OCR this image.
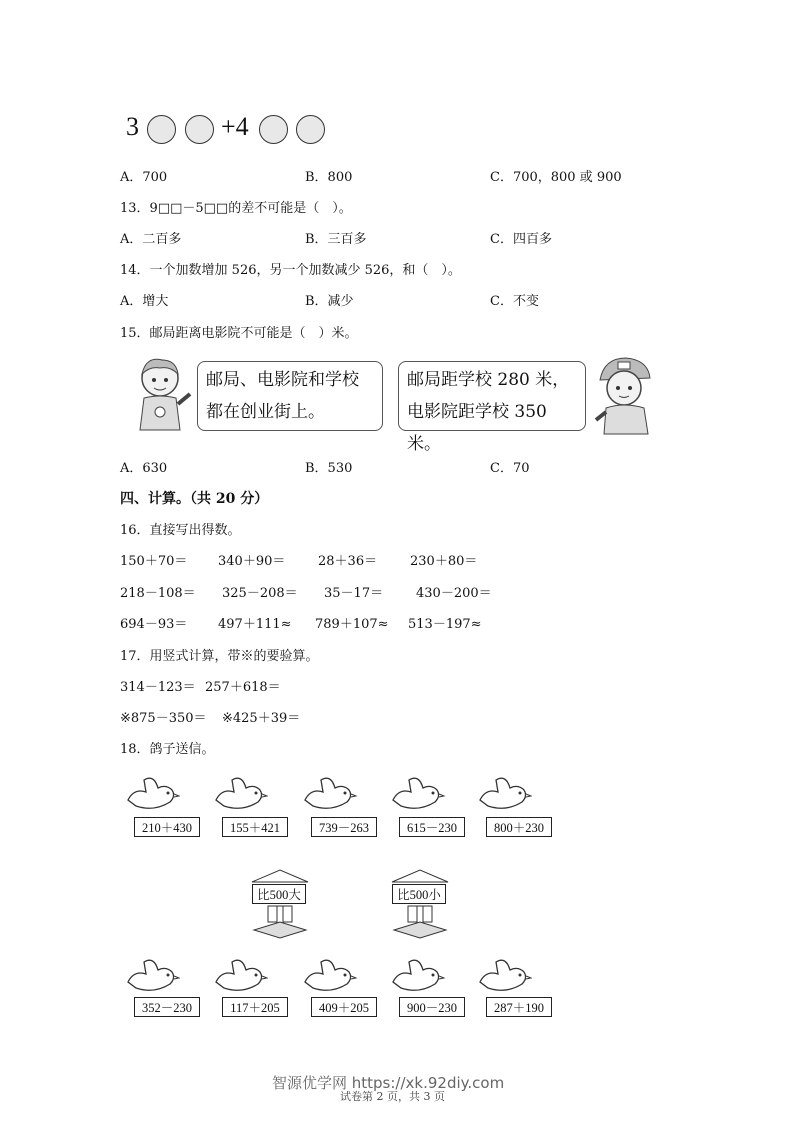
3	+4
A．700	B．800	C．700，800 或 900
13．9□□－5□□的差不可能是（　）。
A．二百多	B．三百多	C．四百多
14．一个加数增加 526，另一个加数减少 526，和（　）。
A．增大	B．减少	C．不变
15．邮局距离电影院不可能是（　）米。
邮局、电影院和学校
都在创业街上。
邮局距学校 280 米，
电影院距学校 350 米。
A．630	B．530	C．70
四、计算。（共 20 分）
16．直接写出得数。
150＋70＝ 340＋90＝	28＋36＝	230＋80＝
218－108＝ 325－208＝ 35－17＝	430－200＝
694－93＝ 497＋111≈ 789＋107≈ 513－197≈
17．用竖式计算，带※的要验算。
314－123＝ 257＋618＝
※875－350＝ ※425＋39＝
18．鸽子送信。
210＋430	155＋421	739－263	615－230	800＋230
比500大	比500小
352－230	117＋205	409＋205	900－230	287＋190
智源优学网 https://xk.92diy.com
试卷第 2 页，共 3 页
